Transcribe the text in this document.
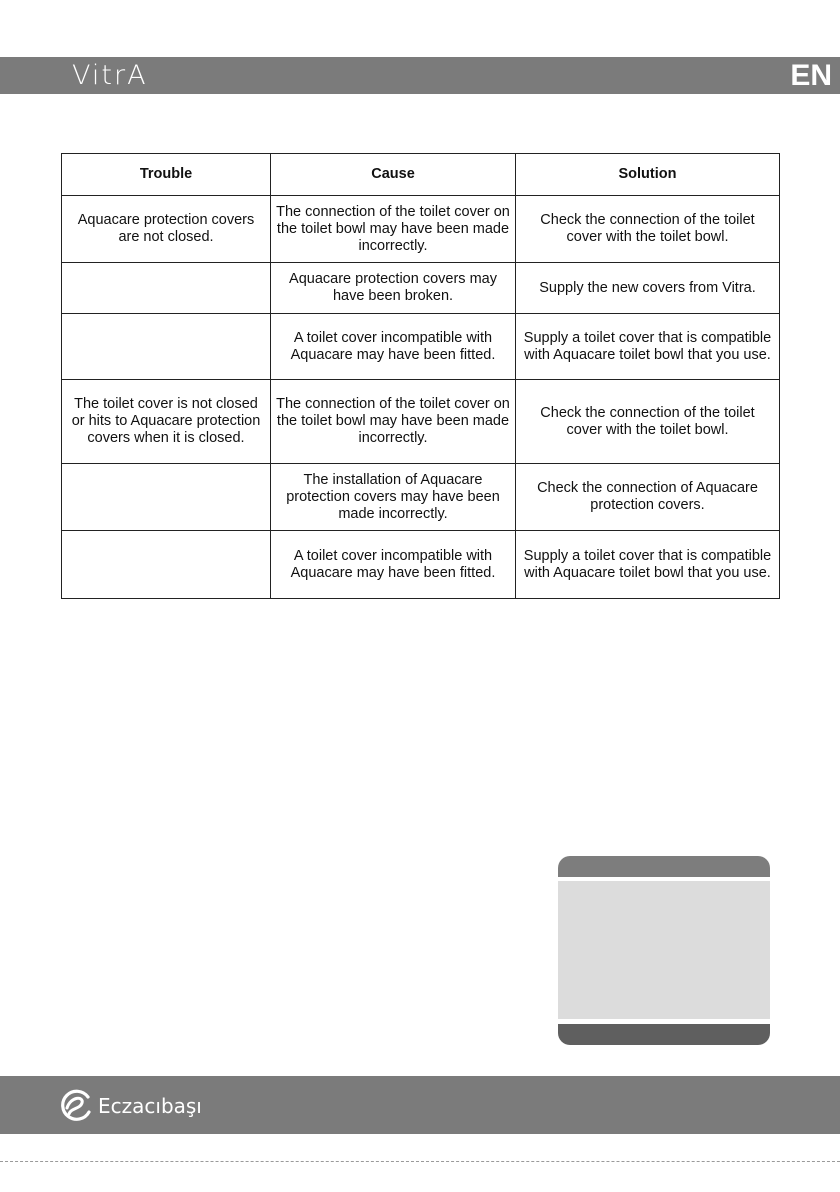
VitrA	EN
Trouble	Cause	Solution
Aquacare protection covers are not closed.	The connection of the toilet cover on the toilet bowl may have been made incorrectly.	Check the connection of the toilet cover with the toilet bowl.
	Aquacare protection covers may have been broken.	Supply the new covers from Vitra.
	A toilet cover incompatible with Aquacare may have been fitted.	Supply a toilet cover that is compatible with Aquacare toilet bowl that you use.
The toilet cover is not closed or hits to Aquacare protection covers when it is closed.	The connection of the toilet cover on the toilet bowl may have been made incorrectly.	Check the connection of the toilet cover with the toilet bowl.
	The installation of Aquacare protection covers may have been made incorrectly.	Check the connection of Aquacare protection covers.
	A toilet cover incompatible with Aquacare may have been fitted.	Supply a toilet cover that is compatible with Aquacare toilet bowl that you use.
Eczacıbaşı
